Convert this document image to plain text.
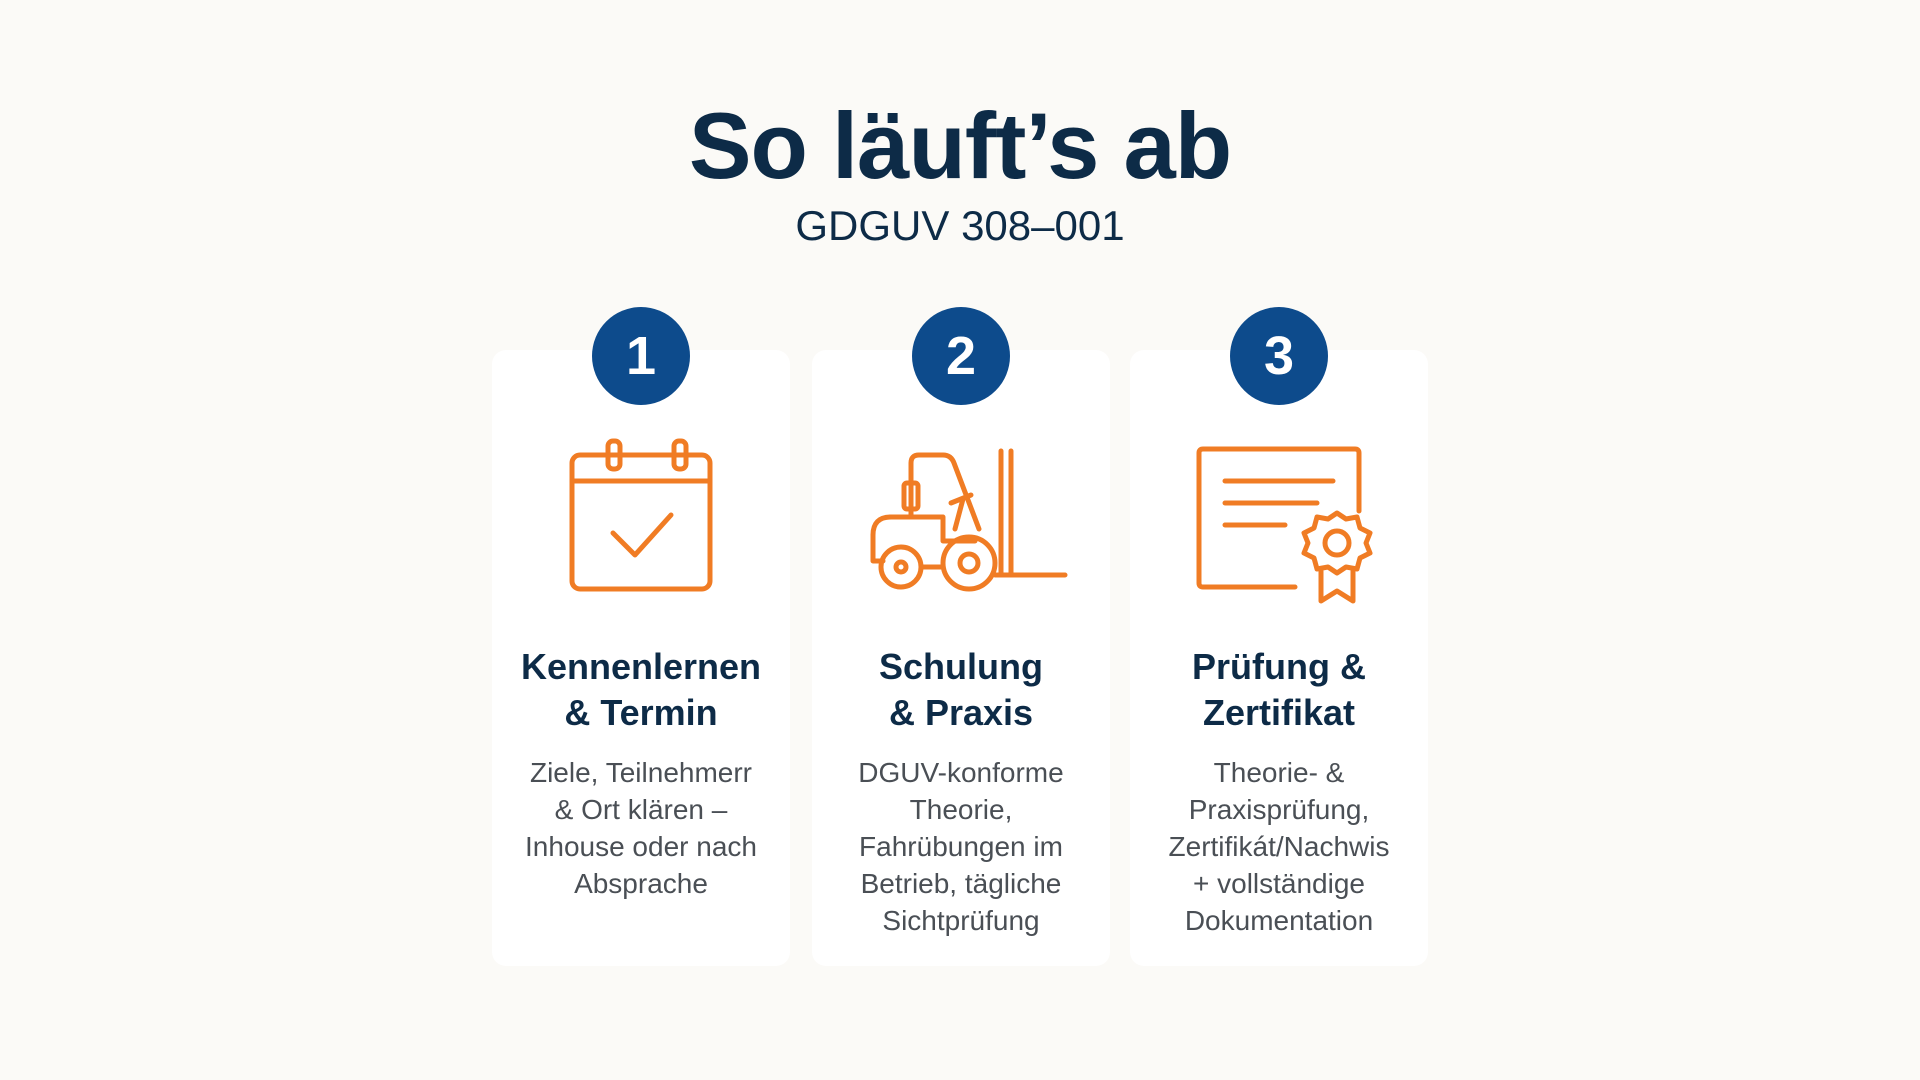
So läuft’s ab
GDGUV 308–001
1
Kennenlernen
& Termin
Ziele, Teilnehmerr
& Ort klären –
Inhouse oder nach
Absprache
2
Schulung
& Praxis
DGUV-konforme
Theorie,
Fahrübungen im
Betrieb, tägliche
Sichtprüfung
3
Prüfung &
Zertifikat
Theorie- &
Praxisprüfung,
Zertifikát/Nachwis
+ vollständige
Dokumentation
